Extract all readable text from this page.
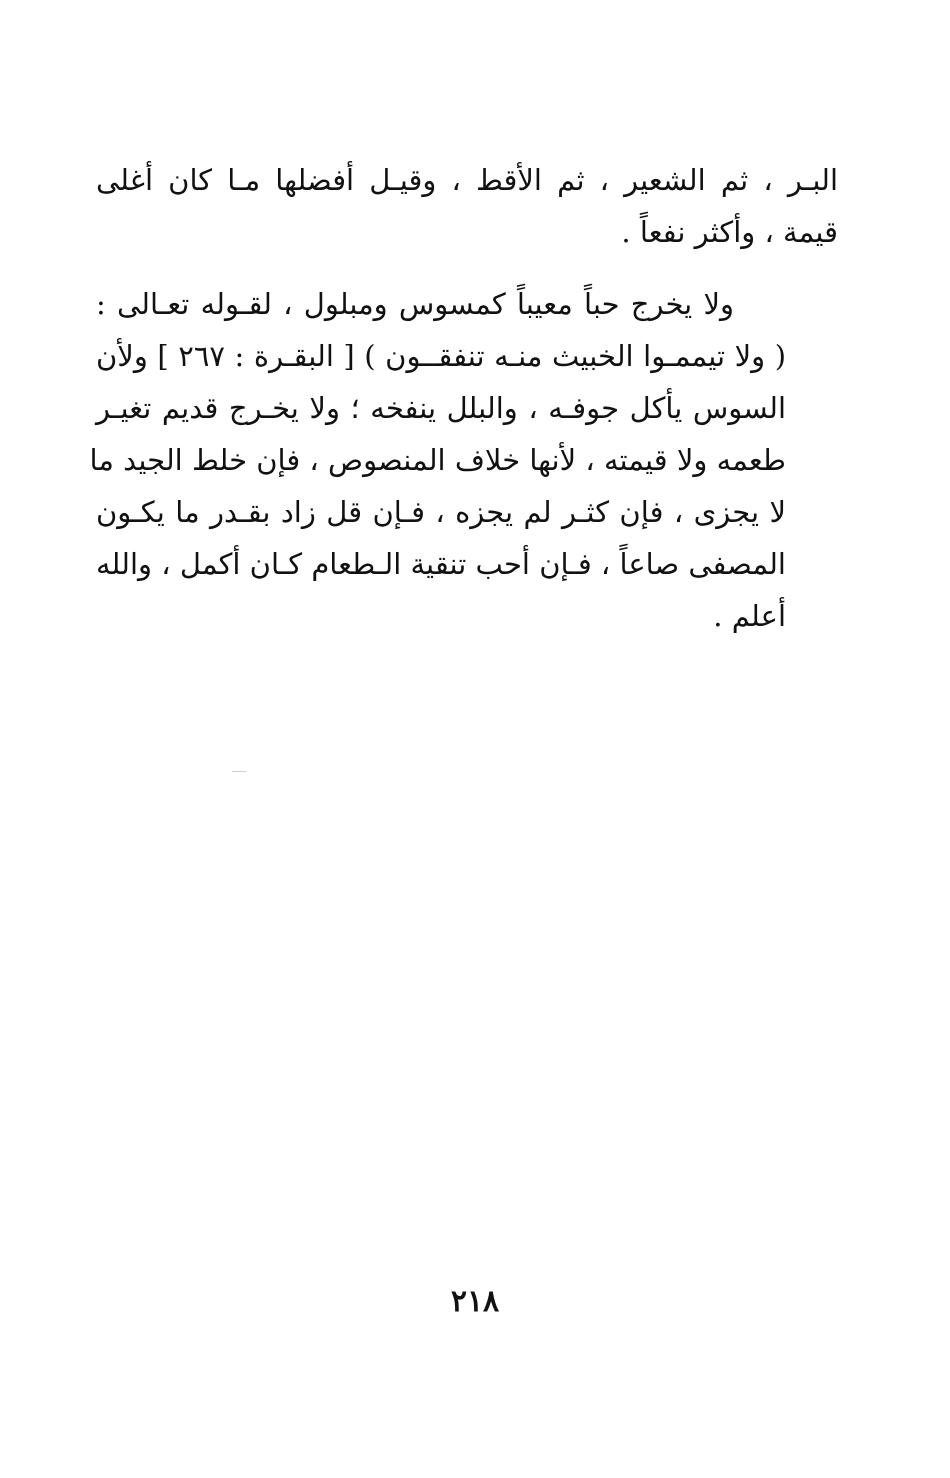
البـر ، ثم الشعير ، ثم الأقط ، وقيـل أفضلها مـا كان أغلى
قيمة ، وأكثر نفعاً .
ولا يخرج حباً معيباً كمسوس ومبلول ، لقـوله تعـالى :
( ولا تيممـوا الخبيث منـه تنفقــون ) [ البقـرة : ٢٦٧ ] ولأن
السوس يأكل جوفـه ، والبلل ينفخه ؛ ولا يخـرج قديم تغيـر
طعمه ولا قيمته ، لأنها خلاف المنصوص ، فإن خلط الجيد ما
لا يجزى ، فإن كثـر لم يجزه ، فـإن قل زاد بقـدر ما يكـون
المصفى صاعاً ، فـإن أحب تنقية الـطعام كـان أكمل ، والله
أعلم .
٢١٨
